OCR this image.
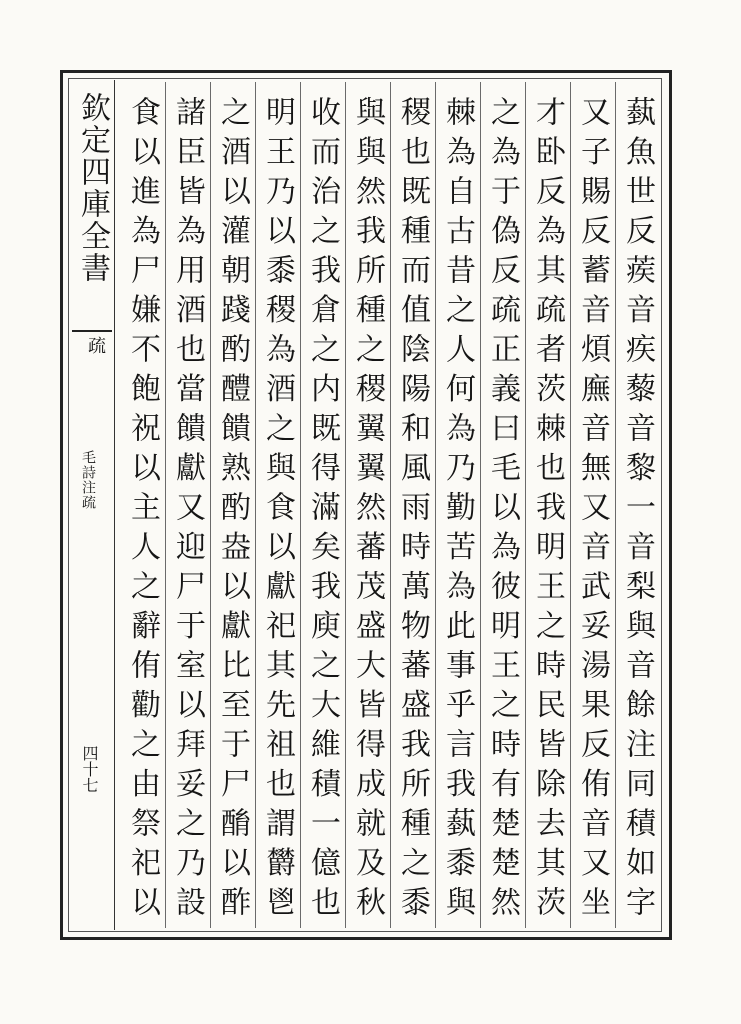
欽定四庫全書
疏
毛詩注疏
四十七	蓺魚世反蒺音疾藜音黎一音梨與音餘注同積如字
又子賜反蓄音煩廡音無又音武妥湯果反侑音又坐
才卧反為其疏者茨棘也我明王之時民皆除去其茨
之為于偽反疏正義曰毛以為彼明王之時有楚楚然
棘為自古昔之人何為乃勤苦為此事乎言我蓺黍與
稷也既種而值陰陽和風雨時萬物蕃盛我所種之黍
與與然我所種之稷翼翼然蕃茂盛大皆得成就及秋
收而治之我倉之内既得滿矣我庾之大維積一億也
明王乃以黍稷為酒之與食以獻祀其先祖也謂欝鬯
之酒以灌朝踐酌醴饋熟酌盎以獻比至于尸酳以酢
諸臣皆為用酒也當饋獻又迎尸于室以拜妥之乃設
食以進為尸嫌不飽祝以主人之辭侑勸之由祭祀以
